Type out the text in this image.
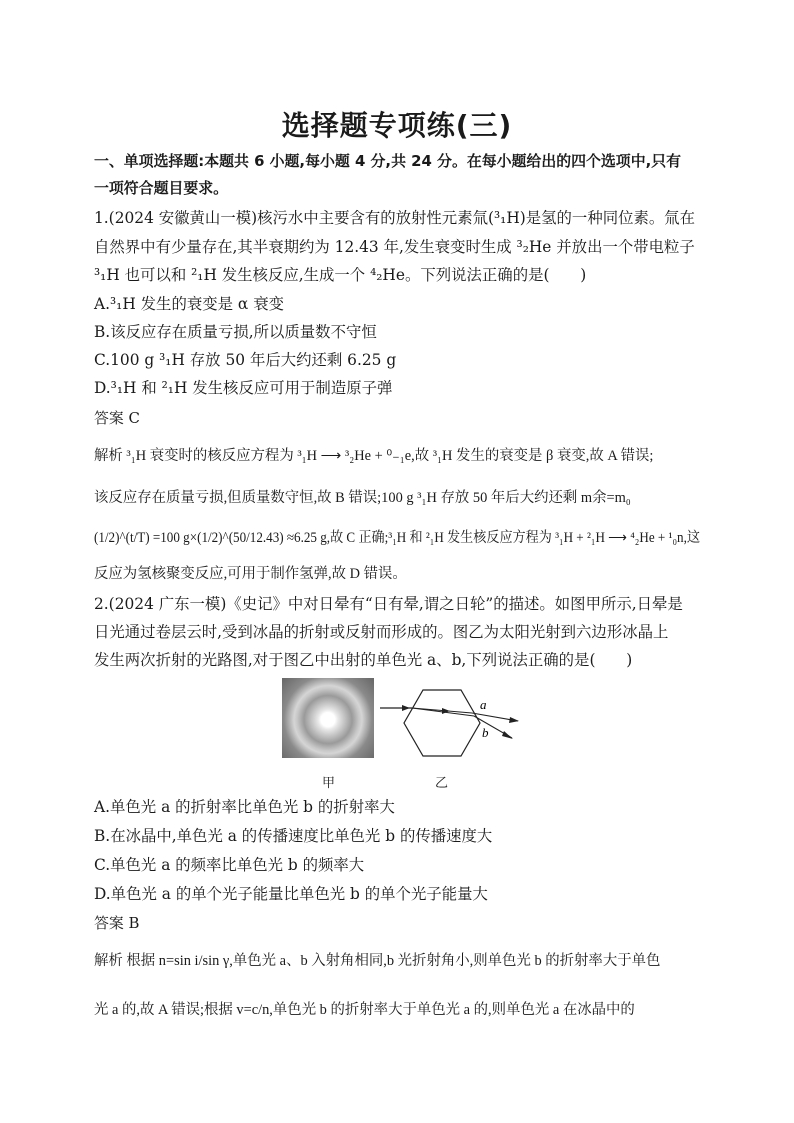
选择题专项练(三)
一、单项选择题:本题共 6 小题,每小题 4 分,共 24 分。在每小题给出的四个选项中,只有
一项符合题目要求。
1.(2024 安徽黄山一模)核污水中主要含有的放射性元素氚(³₁H)是氢的一种同位素。氚在
自然界中有少量存在,其半衰期约为 12.43 年,发生衰变时生成 ³₂He 并放出一个带电粒子
³₁H 也可以和 ²₁H 发生核反应,生成一个 ⁴₂He。下列说法正确的是(　　)
A.³₁H 发生的衰变是 α 衰变
B.该反应存在质量亏损,所以质量数不守恒
C.100 g ³₁H 存放 50 年后大约还剩 6.25 g
D.³₁H 和 ²₁H 发生核反应可用于制造原子弹
答案 C
解析 ³₁H 衰变时的核反应方程为 ³₁H ⟶ ³₂He + ⁰₋₁e,故 ³₁H 发生的衰变是 β 衰变,故 A 错误;
该反应存在质量亏损,但质量数守恒,故 B 错误;100 g ³₁H 存放 50 年后大约还剩 m余=m₀
(1/2)^(t/T) =100 g×(1/2)^(50/12.43) ≈6.25 g,故 C 正确;³₁H 和 ²₁H 发生核反应方程为 ³₁H + ²₁H ⟶ ⁴₂He + ¹₀n,这
反应为氢核聚变反应,可用于制作氢弹,故 D 错误。
2.(2024 广东一模)《史记》中对日晕有“日有晕,谓之日轮”的描述。如图甲所示,日晕是
日光通过卷层云时,受到冰晶的折射或反射而形成的。图乙为太阳光射到六边形冰晶上
发生两次折射的光路图,对于图乙中出射的单色光 a、b,下列说法正确的是(　　)
a
b
甲	乙
A.单色光 a 的折射率比单色光 b 的折射率大
B.在冰晶中,单色光 a 的传播速度比单色光 b 的传播速度大
C.单色光 a 的频率比单色光 b 的频率大
D.单色光 a 的单个光子能量比单色光 b 的单个光子能量大
答案 B
解析 根据 n=sin i/sin γ,单色光 a、b 入射角相同,b 光折射角小,则单色光 b 的折射率大于单色
光 a 的,故 A 错误;根据 v=c/n,单色光 b 的折射率大于单色光 a 的,则单色光 a 在冰晶中的
